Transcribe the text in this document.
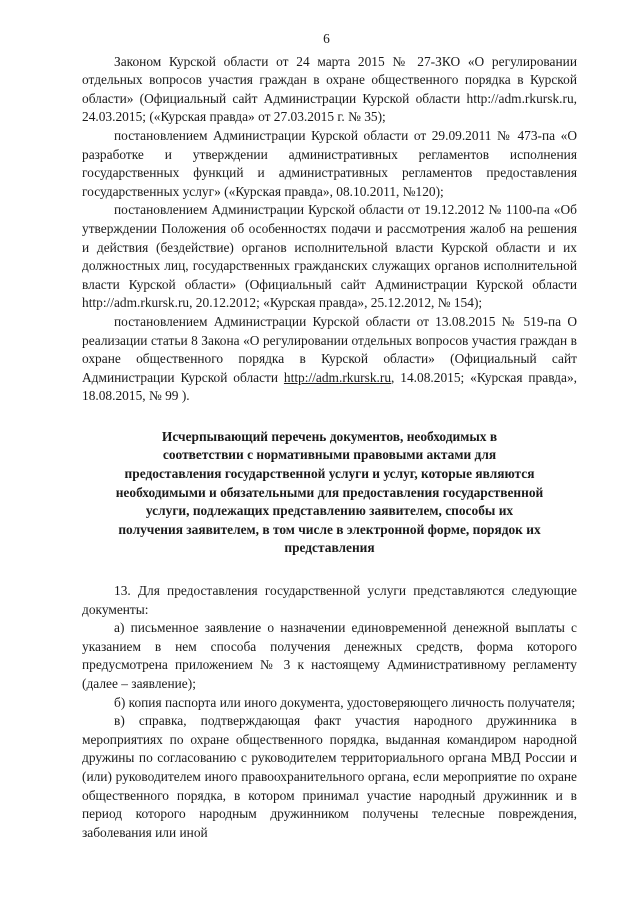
6

Законом Курской области от 24 марта 2015 № 27-ЗКО «О регулировании отдельных вопросов участия граждан в охране общественного порядка в Курской области» (Официальный сайт Администрации Курской области http://adm.rkursk.ru, 24.03.2015; («Курская правда» от 27.03.2015 г. № 35);

постановлением Администрации Курской области от 29.09.2011 № 473-па «О разработке и утверждении административных регламентов исполнения государственных функций и административных регламентов предоставления государственных услуг» («Курская правда», 08.10.2011, №120);

постановлением Администрации Курской области от 19.12.2012 № 1100-па «Об утверждении Положения об особенностях подачи и рассмотрения жалоб на решения и действия (бездействие) органов исполнительной власти Курской области и их должностных лиц, государственных гражданских служащих органов исполнительной власти Курской области» (Официальный сайт Администрации Курской области http://adm.rkursk.ru, 20.12.2012; «Курская правда», 25.12.2012, № 154);

постановлением Администрации Курской области от 13.08.2015 № 519-па О реализации статьи 8 Закона «О регулировании отдельных вопросов участия граждан в охране общественного порядка в Курской области» (Официальный сайт Администрации Курской области http://adm.rkursk.ru, 14.08.2015; «Курская правда», 18.08.2015, № 99 ).

Исчерпывающий перечень документов, необходимых в
соответствии с нормативными правовыми актами для
предоставления государственной услуги и услуг, которые являются
необходимыми и обязательными для предоставления государственной
услуги, подлежащих представлению заявителем, способы их
получения заявителем, в том числе в электронной форме, порядок их
представления

13. Для предоставления государственной услуги представляются следующие документы:

а) письменное заявление о назначении единовременной денежной выплаты с указанием в нем способа получения денежных средств, форма которого предусмотрена приложением № 3 к настоящему Административному регламенту (далее – заявление);

б) копия паспорта или иного документа, удостоверяющего личность получателя;

в) справка, подтверждающая факт участия народного дружинника в мероприятиях по охране общественного порядка, выданная командиром народной дружины по согласованию с руководителем территориального органа МВД России и (или) руководителем иного правоохранительного органа, если мероприятие по охране общественного порядка, в котором принимал участие народный дружинник и в период которого народным дружинником получены телесные повреждения, заболевания или иной
